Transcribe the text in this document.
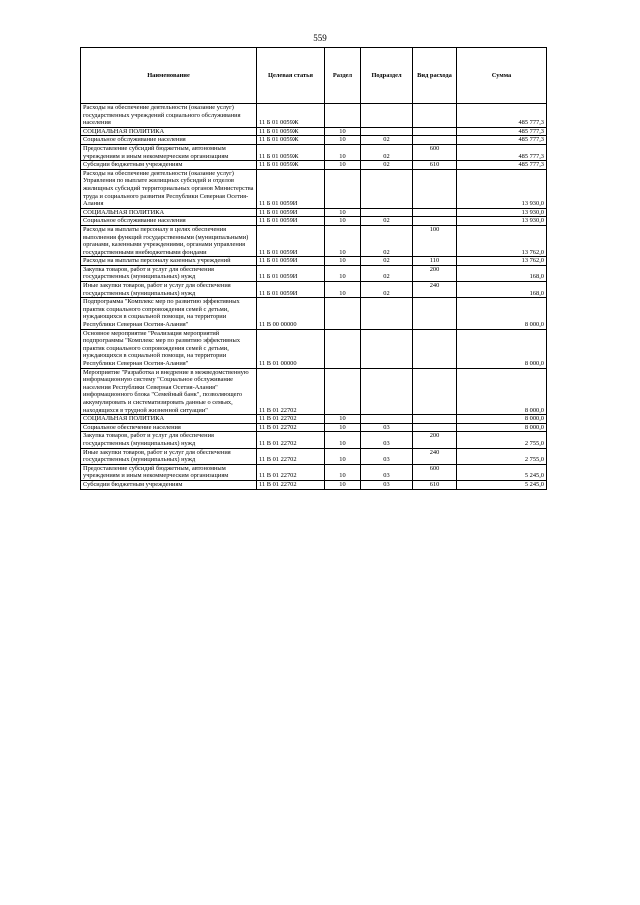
559
Наименование	Целевая статья	Раздел	Подраздел	Вид расхода	Сумма
Расходы на обеспечение деятельности (оказание услуг) государственных учреждений социального обслуживания населения	11 Б 01 0059Ж				485 777,3
СОЦИАЛЬНАЯ ПОЛИТИКА	11 Б 01 0059Ж	10			485 777,3
Социальное обслуживание населения	11 Б 01 0059Ж	10	02		485 777,3
Предоставление субсидий бюджетным, автономным учреждениям и иным некоммерческим организациям	11 Б 01 0059Ж	10	02	600	485 777,3
Субсидии бюджетным учреждениям	11 Б 01 0059Ж	10	02	610	485 777,3
Расходы на обеспечение деятельности (оказание услуг) Управления по выплате жилищных субсидий и отделов жилищных субсидий территориальных органов Министерства труда и социального развития Республики Северная Осетия-Алания	11 Б 01 0059И				13 930,0
СОЦИАЛЬНАЯ ПОЛИТИКА	11 Б 01 0059И	10			13 930,0
Социальное обслуживание населения	11 Б 01 0059И	10	02		13 930,0
Расходы на выплаты персоналу в целях обеспечения выполнения функций государственными (муниципальными) органами, казенными учреждениями, органами управления государственными внебюджетными фондами	11 Б 01 0059И	10	02	100	13 762,0
Расходы на выплаты персоналу казенных учреждений	11 Б 01 0059И	10	02	110	13 762,0
Закупка товаров, работ и услуг для обеспечения государственных (муниципальных) нужд	11 Б 01 0059И	10	02	200	168,0
Иные закупки товаров, работ и услуг для обеспечения государственных (муниципальных) нужд	11 Б 01 0059И	10	02	240	168,0
Подпрограмма "Комплекс мер по развитию эффективных практик социального сопровождения семей с детьми, нуждающихся в социальной помощи, на территории Республики Северная Осетия-Алания"	11 В 00 00000				8 000,0
Основное мероприятие "Реализация мероприятий подпрограммы "Комплекс мер по развитию эффективных практик социального сопровождения семей с детьми, нуждающихся в социальной помощи, на территории Республики Северная Осетия-Алания"	11 В 01 00000				8 000,0
Мероприятие "Разработка и внедрение в межведомственную информационную систему "Социальное обслуживание населения Республики Северная Осетия-Алания" информационного блока "Семейный банк", позволяющего аккумулировать и систематизировать данные о семьях, находящихся в трудной жизненной ситуации"	11 В 01 22702				8 000,0
СОЦИАЛЬНАЯ ПОЛИТИКА	11 В 01 22702	10			8 000,0
Социальное обеспечение населения	11 В 01 22702	10	03		8 000,0
Закупка товаров, работ и услуг для обеспечения государственных (муниципальных) нужд	11 В 01 22702	10	03	200	2 755,0
Иные закупки товаров, работ и услуг для обеспечения государственных (муниципальных) нужд	11 В 01 22702	10	03	240	2 755,0
Предоставление субсидий бюджетным, автономным учреждениям и иным некоммерческим организациям	11 В 01 22702	10	03	600	5 245,0
Субсидии бюджетным учреждениям	11 В 01 22702	10	03	610	5 245,0
